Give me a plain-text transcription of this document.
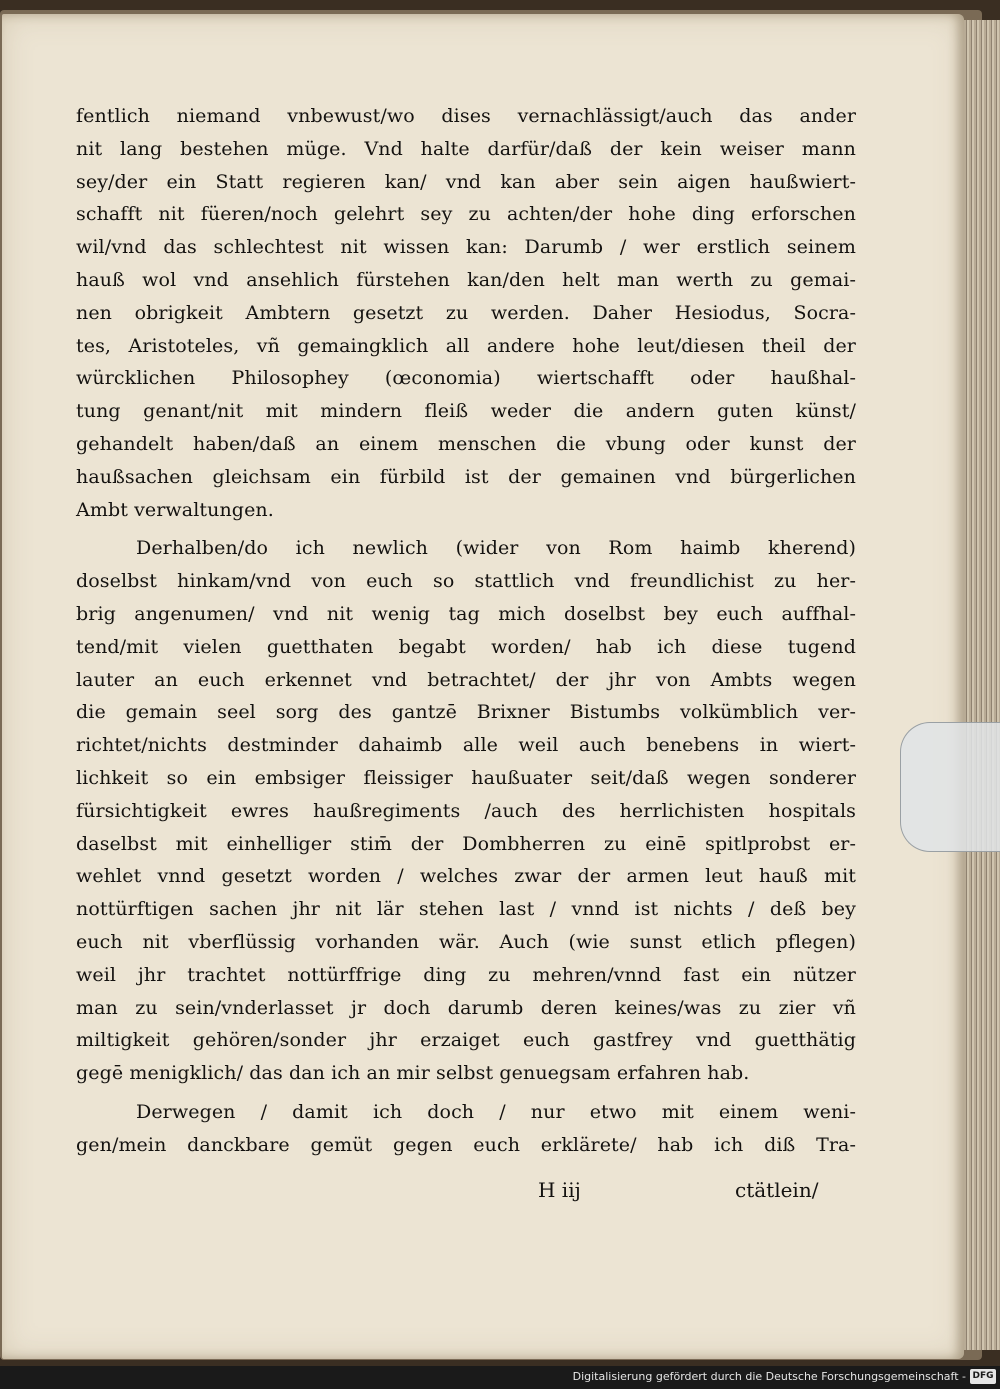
fentlich niemand vnbewust/wo dises vernachlässigt/auch das ander
nit lang bestehen müge. Vnd halte darfür/daß der kein weiser mann
sey/der ein Statt regieren kan/ vnd kan aber sein aigen haußwiert-
schafft nit füeren/noch gelehrt sey zu achten/der hohe ding erforschen
wil/vnd das schlechtest nit wissen kan: Darumb / wer erstlich seinem
hauß wol vnd ansehlich fürstehen kan/den helt man werth zu gemai-
nen obrigkeit Ambtern gesetzt zu werden. Daher Hesiodus, Socra-
tes, Aristoteles, vñ gemaingklich all andere hohe leut/diesen theil der
würcklichen Philosophey (œconomia) wiertschafft oder haußhal-
tung genant/nit mit mindern fleiß weder die andern guten künst/
gehandelt haben/daß an einem menschen die vbung oder kunst der
haußsachen gleichsam ein fürbild ist der gemainen vnd bürgerlichen
Ambt verwaltungen.
Derhalben/do ich newlich (wider von Rom haimb kherend)
doselbst hinkam/vnd von euch so stattlich vnd freundlichist zu her-
brig angenumen/ vnd nit wenig tag mich doselbst bey euch auffhal-
tend/mit vielen guetthaten begabt worden/ hab ich diese tugend
lauter an euch erkennet vnd betrachtet/ der jhr von Ambts wegen
die gemain seel sorg des gantzē Brixner Bistumbs volkümblich ver-
richtet/nichts destminder dahaimb alle weil auch benebens in wiert-
lichkeit so ein embsiger fleissiger haußuater seit/daß wegen sonderer
fürsichtigkeit ewres haußregiments /auch des herrlichisten hospitals
daselbst mit einhelliger stim̄ der Dombherren zu einē spitlprobst er-
wehlet vnnd gesetzt worden / welches zwar der armen leut hauß mit
nottürftigen sachen jhr nit lär stehen last / vnnd ist nichts / deß bey
euch nit vberflüssig vorhanden wär. Auch (wie sunst etlich pflegen)
weil jhr trachtet nottürffrige ding zu mehren/vnnd fast ein nützer
man zu sein/vnderlasset jr doch darumb deren keines/was zu zier vñ
miltigkeit gehören/sonder jhr erzaiget euch gastfrey vnd guetthätig
gegē menigklich/ das dan ich an mir selbst genuegsam erfahren hab.
Derwegen / damit ich doch / nur etwo mit einem weni-
gen/mein danckbare gemüt gegen euch erklärete/ hab ich diß Tra-
H iij	ctätlein/
Digitalisierung gefördert durch die Deutsche Forschungsgemeinschaft - DFG
